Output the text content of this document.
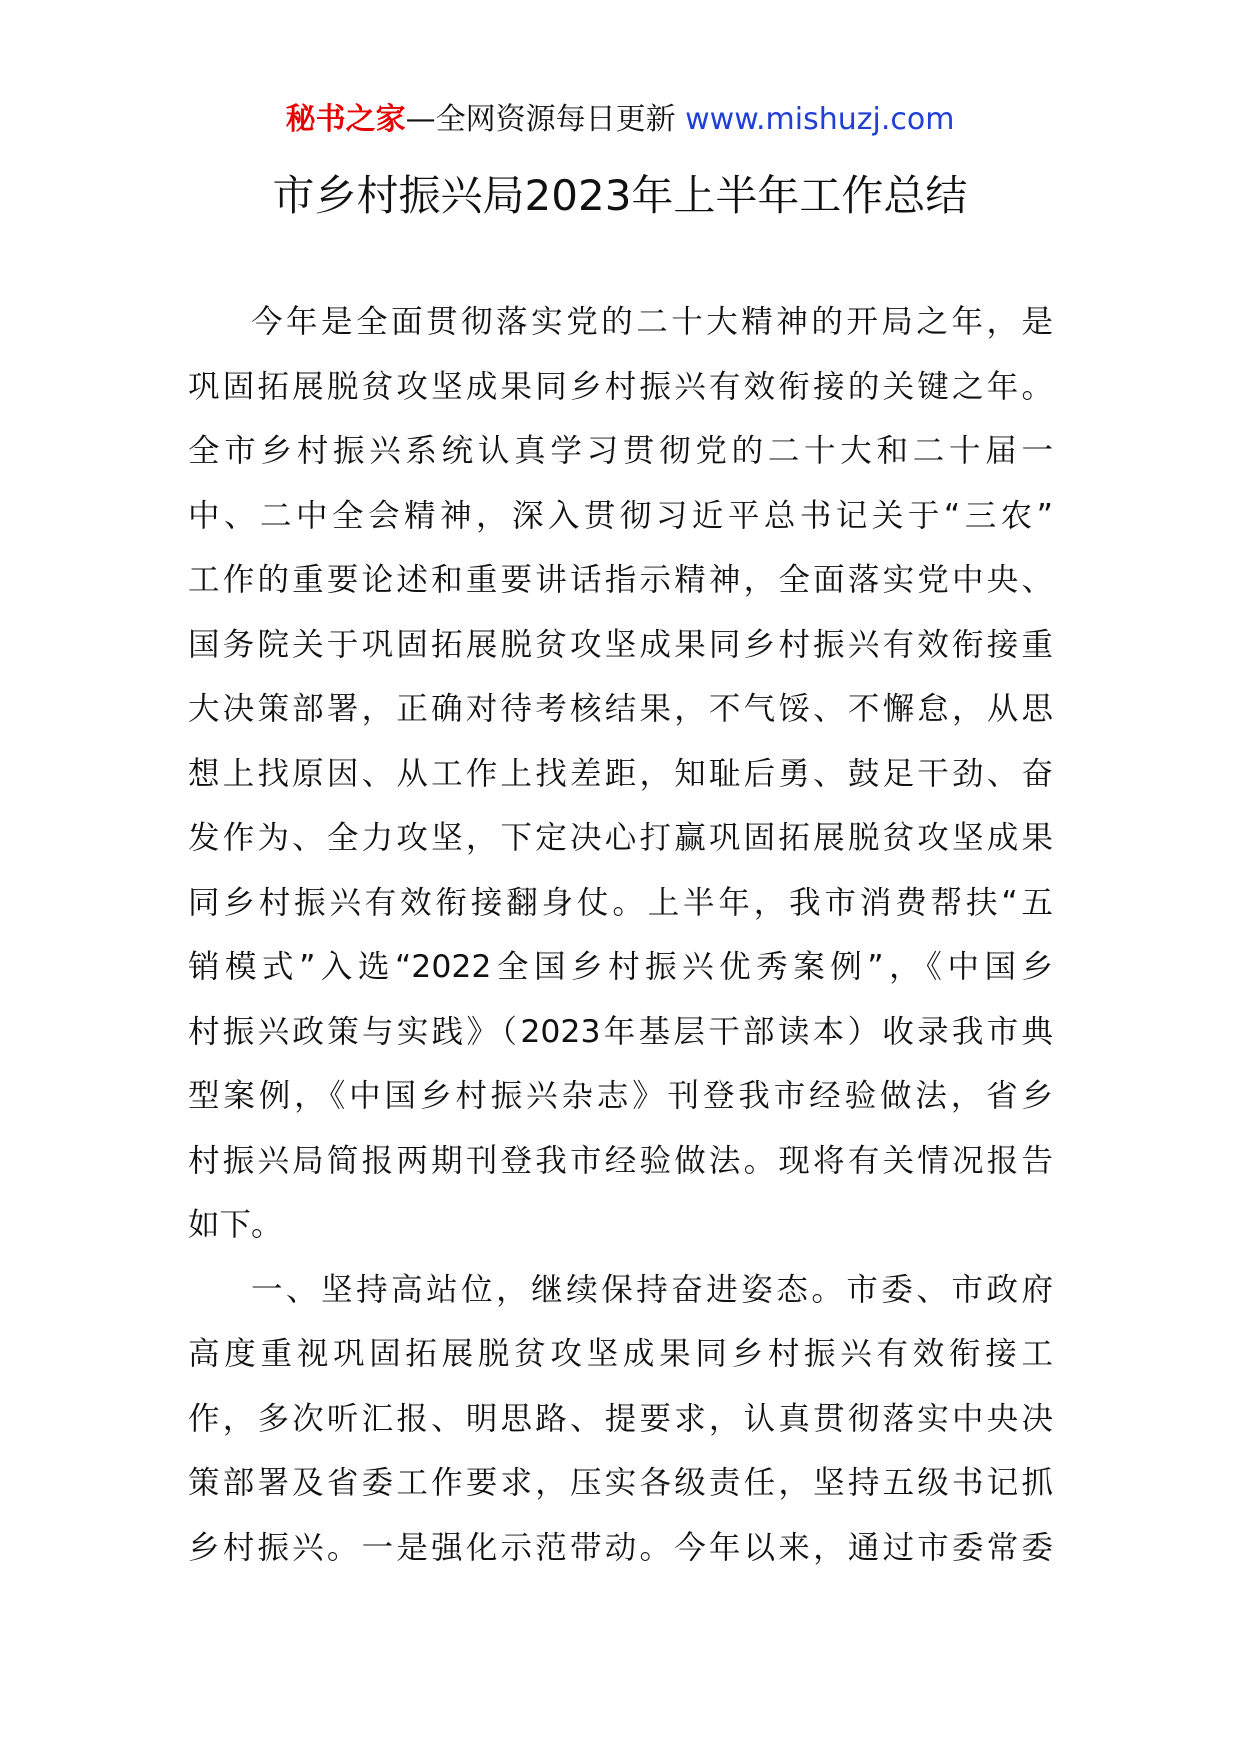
秘书之家—全网资源每日更新 www.mishuzj.com
市乡村振兴局2023年上半年工作总结
今年是全面贯彻落实党的二十大精神的开局之年，是
巩固拓展脱贫攻坚成果同乡村振兴有效衔接的关键之年。
全市乡村振兴系统认真学习贯彻党的二十大和二十届一
中、二中全会精神，深入贯彻习近平总书记关于“三农”
工作的重要论述和重要讲话指示精神，全面落实党中央、
国务院关于巩固拓展脱贫攻坚成果同乡村振兴有效衔接重
大决策部署，正确对待考核结果，不气馁、不懈怠，从思
想上找原因、从工作上找差距，知耻后勇、鼓足干劲、奋
发作为、全力攻坚，下定决心打赢巩固拓展脱贫攻坚成果
同乡村振兴有效衔接翻身仗。上半年，我市消费帮扶“五
销模式”入选“2022全国乡村振兴优秀案例”，《中国乡
村振兴政策与实践》（2023年基层干部读本）收录我市典
型案例，《中国乡村振兴杂志》刊登我市经验做法，省乡
村振兴局简报两期刊登我市经验做法。现将有关情况报告
如下。
一、坚持高站位，继续保持奋进姿态。市委、市政府
高度重视巩固拓展脱贫攻坚成果同乡村振兴有效衔接工
作，多次听汇报、明思路、提要求，认真贯彻落实中央决
策部署及省委工作要求，压实各级责任，坚持五级书记抓
乡村振兴。一是强化示范带动。今年以来，通过市委常委
